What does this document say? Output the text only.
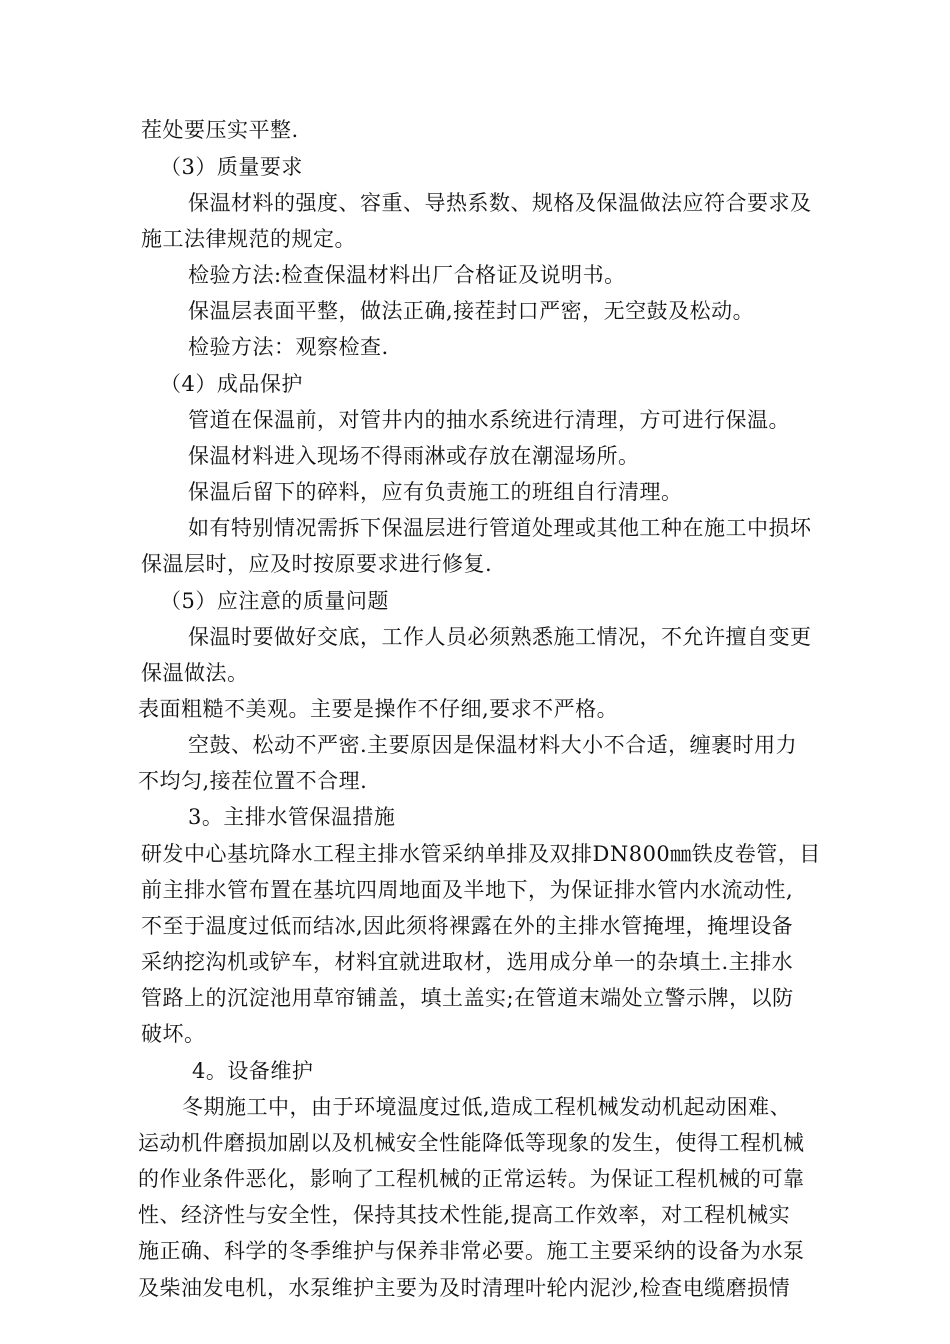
茬处要压实平整.
（3）质量要求
保温材料的强度、容重、导热系数、规格及保温做法应符合要求及
施工法律规范的规定。
检验方法:检查保温材料出厂合格证及说明书。
保温层表面平整，做法正确,接茬封口严密，无空鼓及松动。
检验方法：观察检查.
（4）成品保护
管道在保温前，对管井内的抽水系统进行清理，方可进行保温。
保温材料进入现场不得雨淋或存放在潮湿场所。
保温后留下的碎料，应有负责施工的班组自行清理。
如有特别情况需拆下保温层进行管道处理或其他工种在施工中损坏
保温层时，应及时按原要求进行修复.
（5）应注意的质量问题
保温时要做好交底，工作人员必须熟悉施工情况，不允许擅自变更
保温做法。
表面粗糙不美观。主要是操作不仔细,要求不严格。
空鼓、松动不严密.主要原因是保温材料大小不合适，缠裹时用力
不均匀,接茬位置不合理.
3。主排水管保温措施
研发中心基坑降水工程主排水管采纳单排及双排DN800㎜铁皮卷管，目
前主排水管布置在基坑四周地面及半地下，为保证排水管内水流动性,
不至于温度过低而结冰,因此须将裸露在外的主排水管掩埋，掩埋设备
采纳挖沟机或铲车，材料宜就进取材，选用成分单一的杂填土.主排水
管路上的沉淀池用草帘铺盖，填土盖实;在管道末端处立警示牌，以防
破坏。
4。设备维护
冬期施工中，由于环境温度过低,造成工程机械发动机起动困难、
运动机件磨损加剧以及机械安全性能降低等现象的发生，使得工程机械
的作业条件恶化，影响了工程机械的正常运转。为保证工程机械的可靠
性、经济性与安全性，保持其技术性能,提高工作效率，对工程机械实
施正确、科学的冬季维护与保养非常必要。施工主要采纳的设备为水泵
及柴油发电机，水泵维护主要为及时清理叶轮内泥沙,检查电缆磨损情
